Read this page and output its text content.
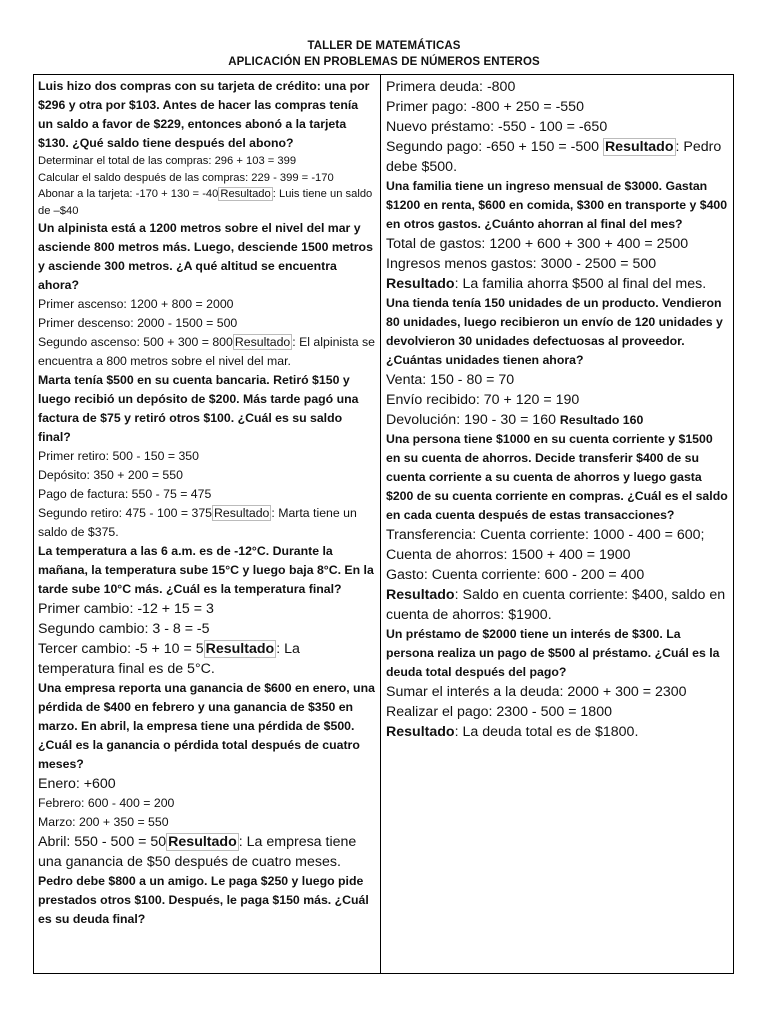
TALLER DE MATEMÁTICAS
APLICACIÓN EN PROBLEMAS DE NÚMEROS ENTEROS
Luis hizo dos compras con su tarjeta de crédito: una por $296 y otra por $103. Antes de hacer las compras tenía un saldo a favor de $229, entonces abonó a la tarjeta $130. ¿Qué saldo tiene después del abono?
Determinar el total de las compras: 296 + 103 = 399
Calcular el saldo después de las compras: 229 - 399 = -170
Abonar a la tarjeta: -170 + 130 = -40 Resultado : Luis tiene un saldo de –$40
Un alpinista está a 1200 metros sobre el nivel del mar y asciende 800 metros más. Luego, desciende 1500 metros y asciende 300 metros. ¿A qué altitud se encuentra ahora?
Primer ascenso: 1200 + 800 = 2000
Primer descenso: 2000 - 1500 = 500
Segundo ascenso: 500 + 300 = 800 Resultado : El alpinista se encuentra a 800 metros sobre el nivel del mar.
Marta tenía $500 en su cuenta bancaria. Retiró $150 y luego recibió un depósito de $200. Más tarde pagó una factura de $75 y retiró otros $100. ¿Cuál es su saldo final?
Primer retiro: 500 - 150 = 350
Depósito: 350 + 200 = 550
Pago de factura: 550 - 75 = 475
Segundo retiro: 475 - 100 = 375 Resultado : Marta tiene un saldo de $375.
La temperatura a las 6 a.m. es de -12°C. Durante la mañana, la temperatura sube 15°C y luego baja 8°C. En la tarde sube 10°C más. ¿Cuál es la temperatura final?
Primer cambio: -12 + 15 = 3
Segundo cambio: 3 - 8 = -5
Tercer cambio: -5 + 10 = 5 Resultado : La temperatura final es de 5°C.
Una empresa reporta una ganancia de $600 en enero, una pérdida de $400 en febrero y una ganancia de $350 en marzo. En abril, la empresa tiene una pérdida de $500. ¿Cuál es la ganancia o pérdida total después de cuatro meses?
Enero: +600
Febrero: 600 - 400 = 200
Marzo: 200 + 350 = 550
Abril: 550 - 500 = 50 Resultado : La empresa tiene una ganancia de $50 después de cuatro meses.
Pedro debe $800 a un amigo. Le paga $250 y luego pide prestados otros $100. Después, le paga $150 más. ¿Cuál es su deuda final?
Primera deuda: -800
Primer pago: -800 + 250 = -550
Nuevo préstamo: -550 - 100 = -650
Segundo pago: -650 + 150 = -500 Resultado : Pedro debe $500.
Una familia tiene un ingreso mensual de $3000. Gastan $1200 en renta, $600 en comida, $300 en transporte y $400 en otros gastos. ¿Cuánto ahorran al final del mes?
Total de gastos: 1200 + 600 + 300 + 400 = 2500
Ingresos menos gastos: 3000 - 2500 = 500
Resultado: La familia ahorra $500 al final del mes.
Una tienda tenía 150 unidades de un producto. Vendieron 80 unidades, luego recibieron un envío de 120 unidades y devolvieron 30 unidades defectuosas al proveedor. ¿Cuántas unidades tienen ahora?
Venta: 150 - 80 = 70
Envío recibido: 70 + 120 = 190
Devolución: 190 - 30 = 160 Resultado 160
Una persona tiene $1000 en su cuenta corriente y $1500 en su cuenta de ahorros. Decide transferir $400 de su cuenta corriente a su cuenta de ahorros y luego gasta $200 de su cuenta corriente en compras. ¿Cuál es el saldo en cada cuenta después de estas transacciones?
Transferencia: Cuenta corriente: 1000 - 400 = 600;
Cuenta de ahorros: 1500 + 400 = 1900
Gasto: Cuenta corriente: 600 - 200 = 400
Resultado: Saldo en cuenta corriente: $400, saldo en cuenta de ahorros: $1900.
Un préstamo de $2000 tiene un interés de $300. La persona realiza un pago de $500 al préstamo. ¿Cuál es la deuda total después del pago?
Sumar el interés a la deuda: 2000 + 300 = 2300
Realizar el pago: 2300 - 500 = 1800
Resultado: La deuda total es de $1800.
